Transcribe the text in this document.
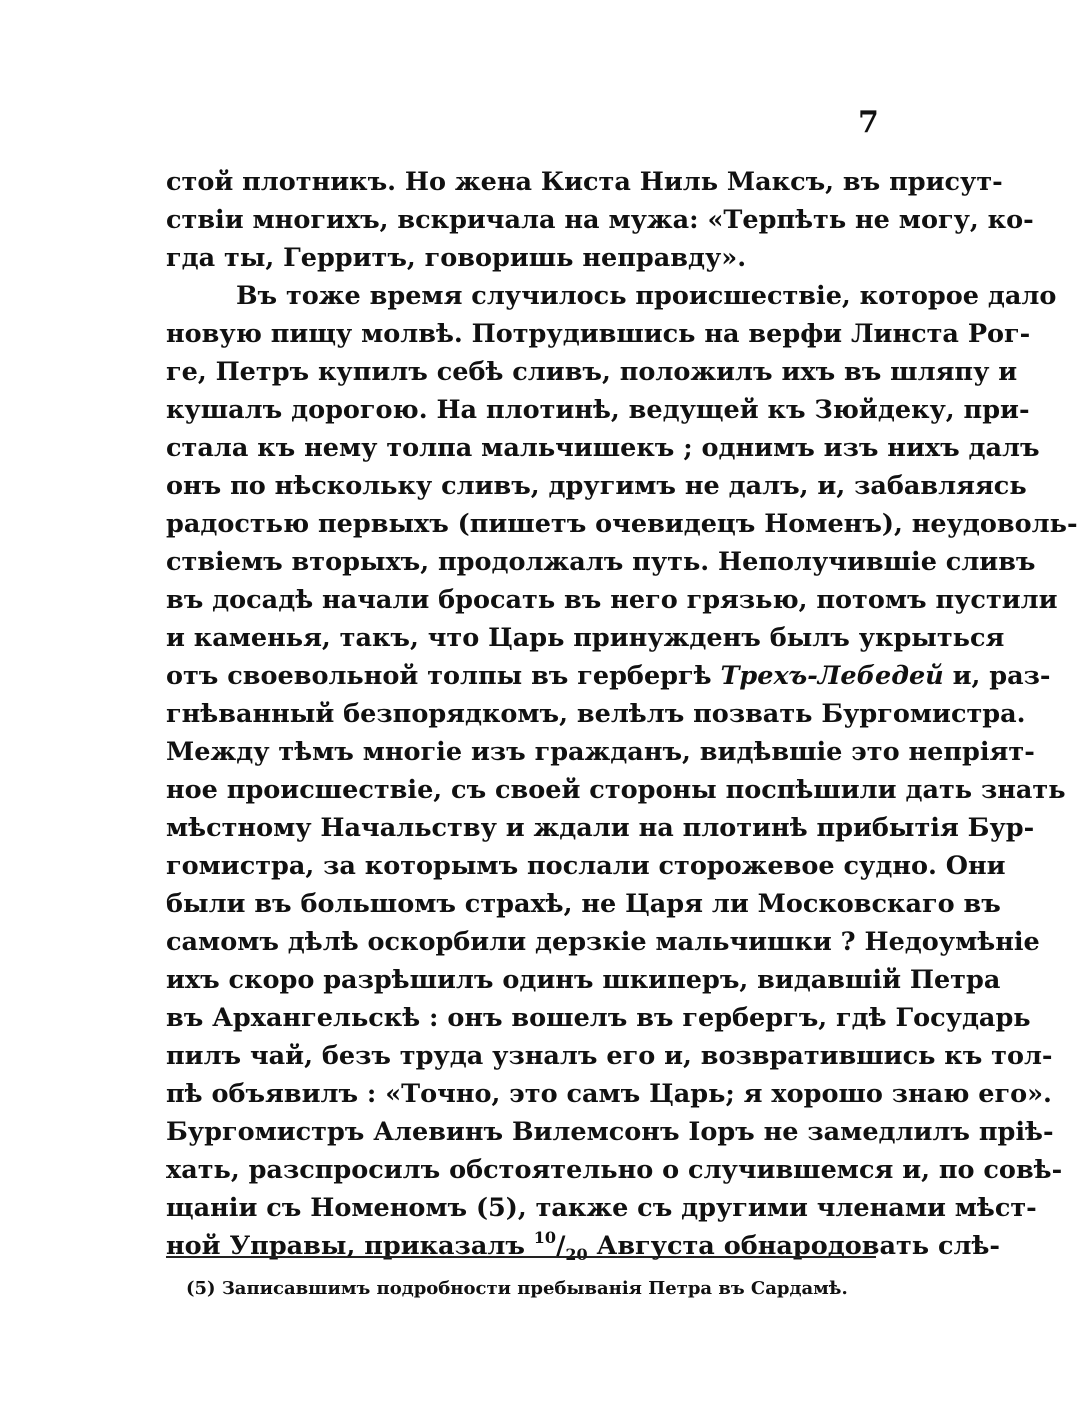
7
стой плотникъ. Но жена Киста Ниль Максъ, въ присут-
ствіи многихъ, вскричала на мужа: «Терпѣть не могу, ко-
гда ты, Герритъ, говоришь неправду».
Въ тоже время случилось происшествіе, которое дало
новую пищу молвѣ. Потрудившись на верфи Линста Рог-
ге, Петръ купилъ себѣ сливъ, положилъ ихъ въ шляпу и
кушалъ дорогою. На плотинѣ, ведущей къ Зюйдеку, при-
стала къ нему толпа мальчишекъ ; однимъ изъ нихъ далъ
онъ по нѣскольку сливъ, другимъ не далъ, и, забавляясь
радостью первыхъ (пишетъ очевидецъ Номенъ), неудоволь-
ствіемъ вторыхъ, продолжалъ путь. Неполучившіе сливъ
въ досадѣ начали бросать въ него грязью, потомъ пустили
и каменья, такъ, что Царь принужденъ былъ укрыться
отъ своевольной толпы въ гербергѣ Трехъ-Лебедей и, раз-
гнѣванный безпорядкомъ, велѣлъ позвать Бургомистра.
Между тѣмъ многіе изъ гражданъ, видѣвшіе это непріят-
ное происшествіе, съ своей стороны поспѣшили дать знать
мѣстному Начальству и ждали на плотинѣ прибытія Бур-
гомистра, за которымъ послали сторожевое судно. Они
были въ большомъ страхѣ, не Царя ли Московскаго въ
самомъ дѣлѣ оскорбили дерзкіе мальчишки ? Недоумѣніе
ихъ скоро разрѣшилъ одинъ шкиперъ, видавшій Петра
въ Архангельскѣ : онъ вошелъ въ гербергъ, гдѣ Государь
пилъ чай, безъ труда узналъ его и, возвратившись къ тол-
пѣ объявилъ : «Точно, это самъ Царь; я хорошо знаю его».
Бургомистръ Алевинъ Вилемсонъ Іоръ не замедлилъ пріѣ-
хать, разспросилъ обстоятельно о случившемся и, по совѣ-
щаніи съ Номеномъ (5), также съ другими членами мѣст-
ной Управы, приказалъ $^{10}/_{20}$ Августа обнародовать слѣ-
(5) Записавшимъ подробности пребыванія Петра въ Сардамѣ.
